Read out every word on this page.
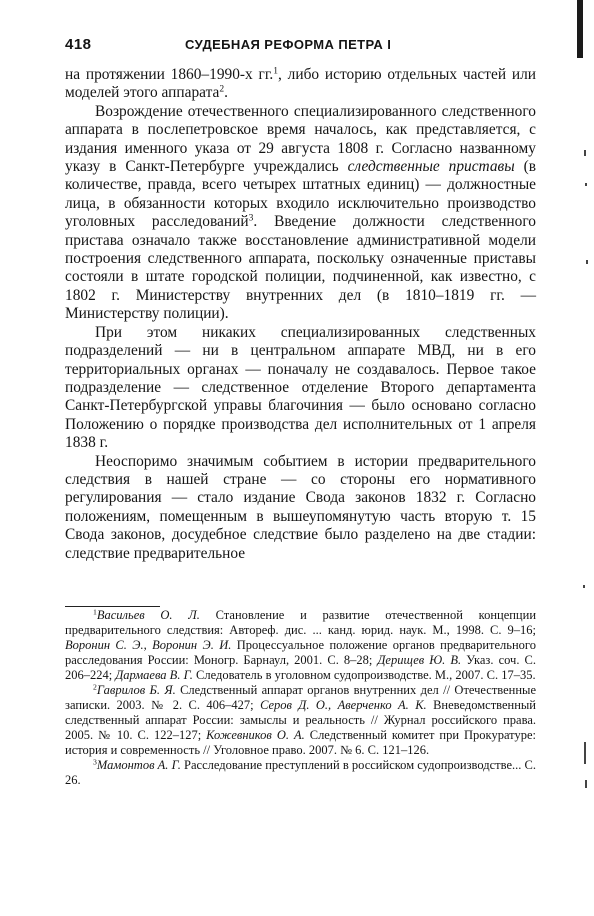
418	СУДЕБНАЯ РЕФОРМА ПЕТРА I

на протяжении 1860–1990-х гг.$^1$, либо историю отдельных частей или моделей этого аппарата$^2$.

Возрождение отечественного специализированного следственного аппарата в послепетровское время началось, как представляется, с издания именного указа от 29 августа 1808 г. Согласно названному указу в Санкт-Петербурге учреждались следственные приставы (в количестве, правда, всего четырех штатных единиц) — должностные лица, в обязанности которых входило исключительно производство уголовных расследований$^3$. Введение должности следственного пристава означало также восстановление административной модели построения следственного аппарата, поскольку означенные приставы состояли в штате городской полиции, подчиненной, как известно, с 1802 г. Министерству внутренних дел (в 1810–1819 гг. — Министерству полиции).

При этом никаких специализированных следственных подразделений — ни в центральном аппарате МВД, ни в его территориальных органах — поначалу не создавалось. Первое такое подразделение — следственное отделение Второго департамента Санкт-Петербургской управы благочиния — было основано согласно Положению о порядке производства дел исполнительных от 1 апреля 1838 г.

Неоспоримо значимым событием в истории предварительного следствия в нашей стране — со стороны его нормативного регулирования — стало издание Свода законов 1832 г. Согласно положениям, помещенным в вышеупомянутую часть вторую т. 15 Свода законов, досудебное следствие было разделено на две стадии: следствие предварительное

$^1$Васильев О. Л. Становление и развитие отечественной концепции предварительного следствия: Автореф. дис. ... канд. юрид. наук. М., 1998. С. 9–16; Воронин С. Э., Воронин Э. И. Процессуальное положение органов предварительного расследования России: Моногр. Барнаул, 2001. С. 8–28; Дерищев Ю. В. Указ. соч. С. 206–224; Дармаева В. Г. Следователь в уголовном судопроизводстве. М., 2007. С. 17–35.

$^2$Гаврилов Б. Я. Следственный аппарат органов внутренних дел // Отечественные записки. 2003. № 2. С. 406–427; Серов Д. О., Аверченко А. К. Вневедомственный следственный аппарат России: замыслы и реальность // Журнал российского права. 2005. № 10. С. 122–127; Кожевников О. А. Следственный комитет при Прокуратуре: история и современность // Уголовное право. 2007. № 6. С. 121–126.

$^3$Мамонтов А. Г. Расследование преступлений в российском судопроизводстве... С. 26.
